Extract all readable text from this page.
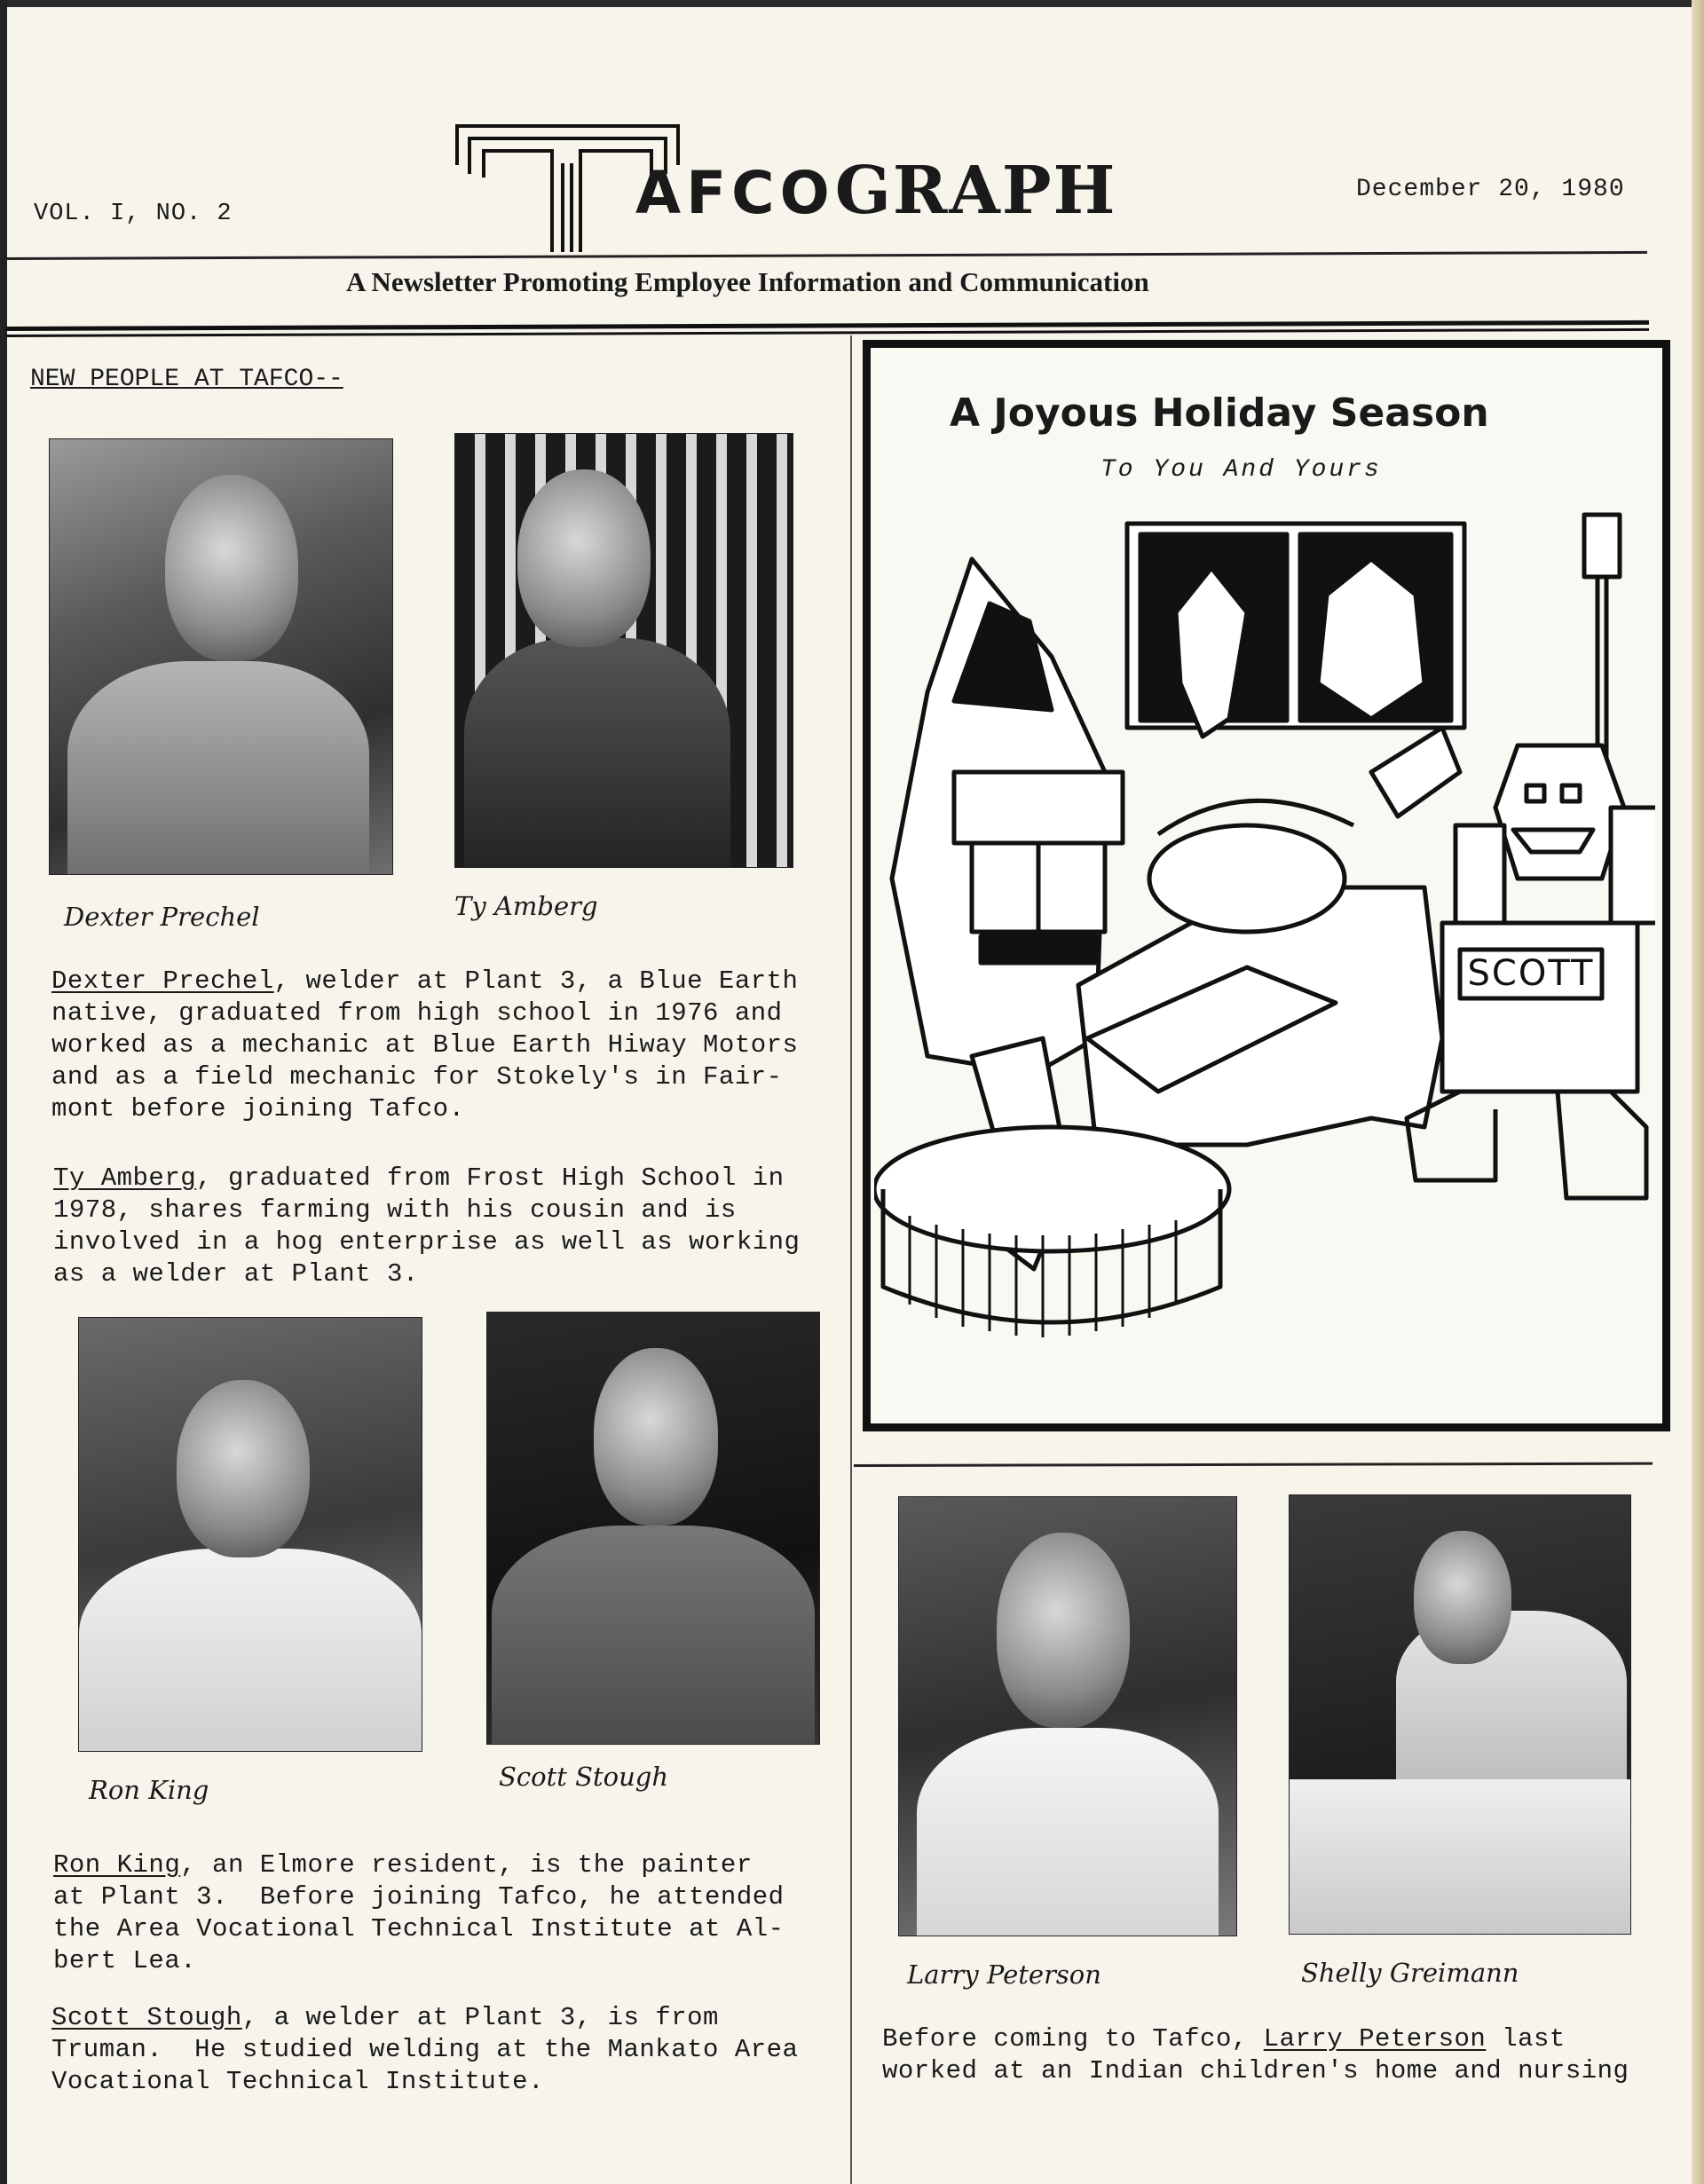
VOL. I, NO. 2	AFCOGRAPH	December 20, 1980
A Newsletter Promoting Employee Information and Communication
NEW PEOPLE AT TAFCO--
Dexter Prechel	Ty Amberg
Dexter Prechel, welder at Plant 3, a Blue Earth
native, graduated from high school in 1976 and
worked as a mechanic at Blue Earth Hiway Motors
and as a field mechanic for Stokely's in Fair-
mont before joining Tafco.
Ty Amberg, graduated from Frost High School in
1978, shares farming with his cousin and is
involved in a hog enterprise as well as working
as a welder at Plant 3.
Ron King	Scott Stough
Ron King, an Elmore resident, is the painter
at Plant 3.  Before joining Tafco, he attended
the Area Vocational Technical Institute at Al-
bert Lea.
Scott Stough, a welder at Plant 3, is from
Truman.  He studied welding at the Mankato Area
Vocational Technical Institute.
A Joyous Holiday Season
To You And Yours
SCOTT
Larry Peterson	Shelly Greimann
Before coming to Tafco, Larry Peterson last
worked at an Indian children's home and nursing
